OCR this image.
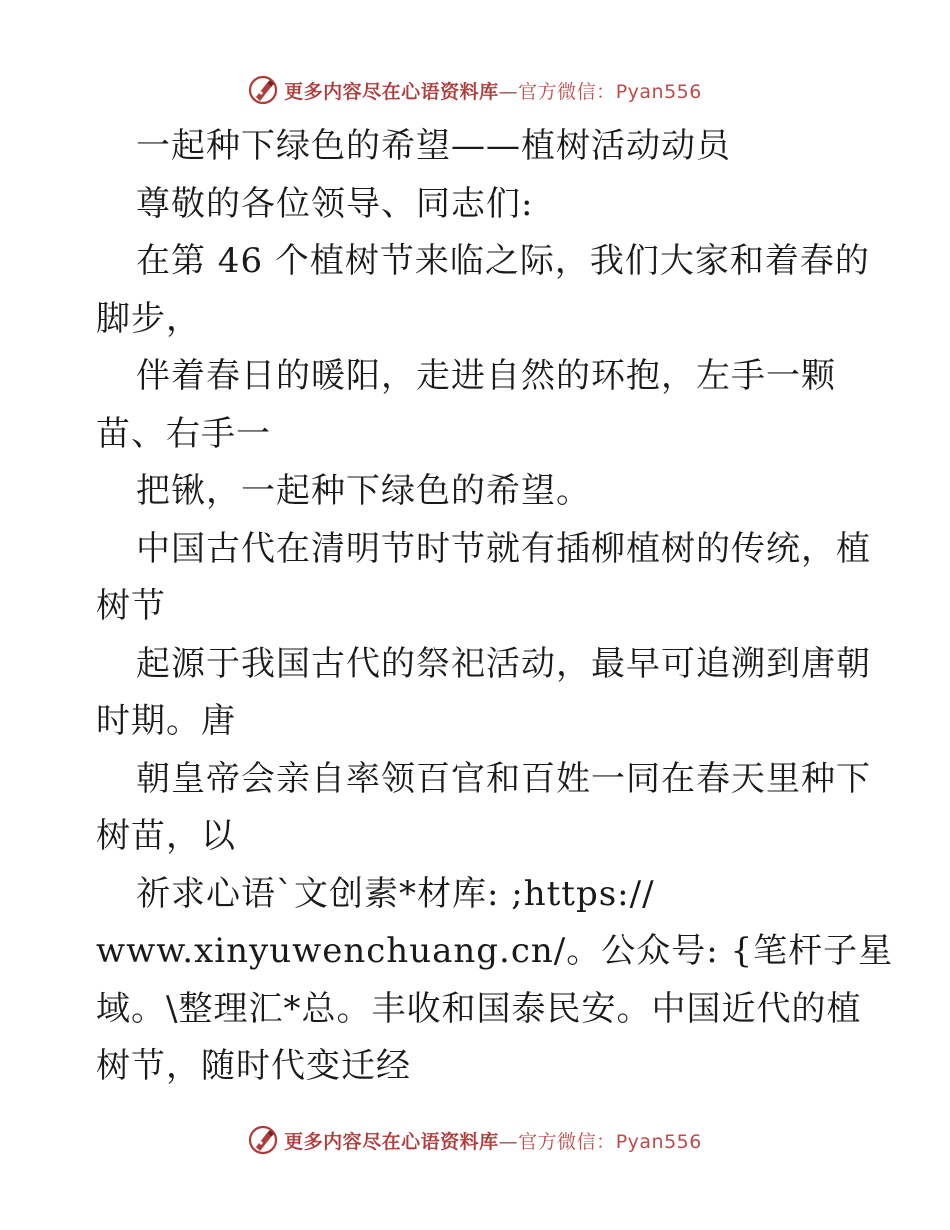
更多内容尽在心语资料库—官方微信：Pyan556
一起种下绿色的希望——植树活动动员
尊敬的各位领导、同志们:
在第 46 个植树节来临之际，我们大家和着春的
脚步，
伴着春日的暖阳，走进自然的环抱，左手一颗
苗、右手一
把锹，一起种下绿色的希望。
中国古代在清明节时节就有插柳植树的传统，植
树节
起源于我国古代的祭祀活动，最早可追溯到唐朝
时期。唐
朝皇帝会亲自率领百官和百姓一同在春天里种下
树苗，以
祈求心语`文创素*材库: ;https://
www.xinyuwenchuang.cn/。公众号: {笔杆子星
域。\整理汇*总。丰收和国泰民安。中国近代的植
树节，随时代变迁经
更多内容尽在心语资料库—官方微信：Pyan556
